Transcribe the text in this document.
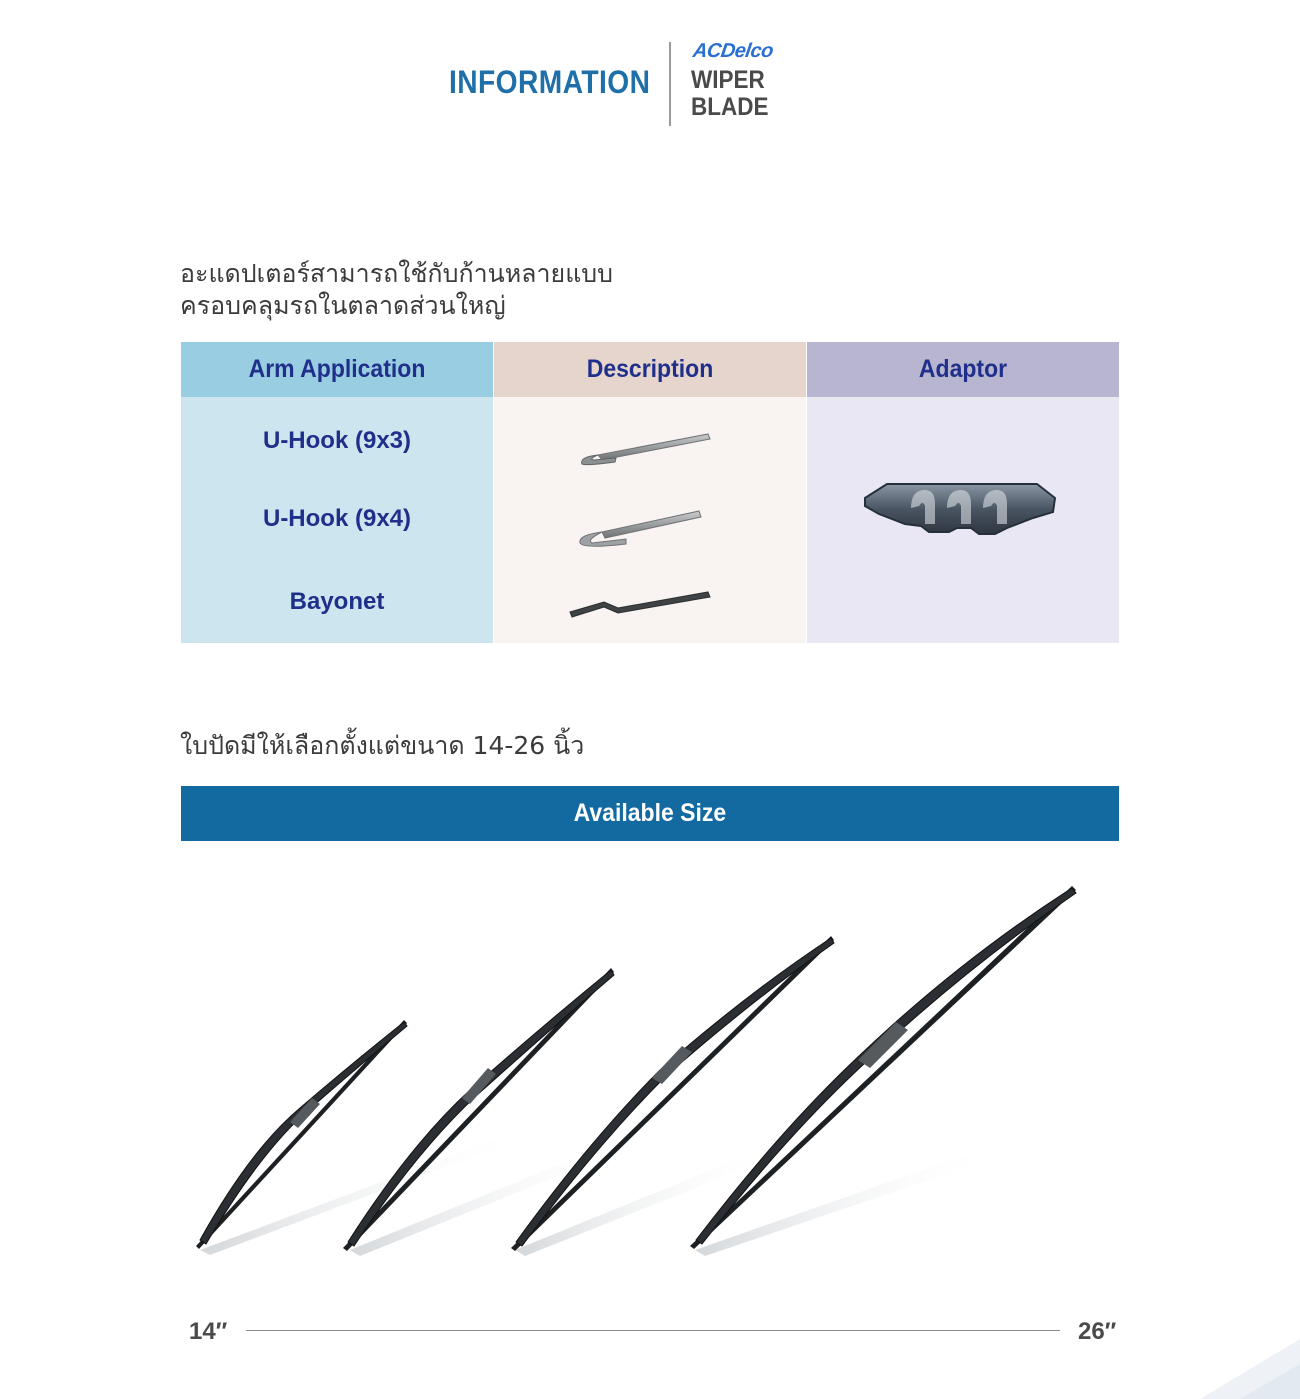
INFORMATION
ACDelco
WIPER
BLADE
อะแดปเตอร์สามารถใช้กับก้านหลายแบบ
ครอบคลุมรถในตลาดส่วนใหญ่
Arm Application
U-Hook (9x3)
U-Hook (9x4)
Bayonet
Description	Adaptor
ใบปัดมีให้เลือกตั้งแต่ขนาด 14-26 นิ้ว
Available Size
14″	26″
